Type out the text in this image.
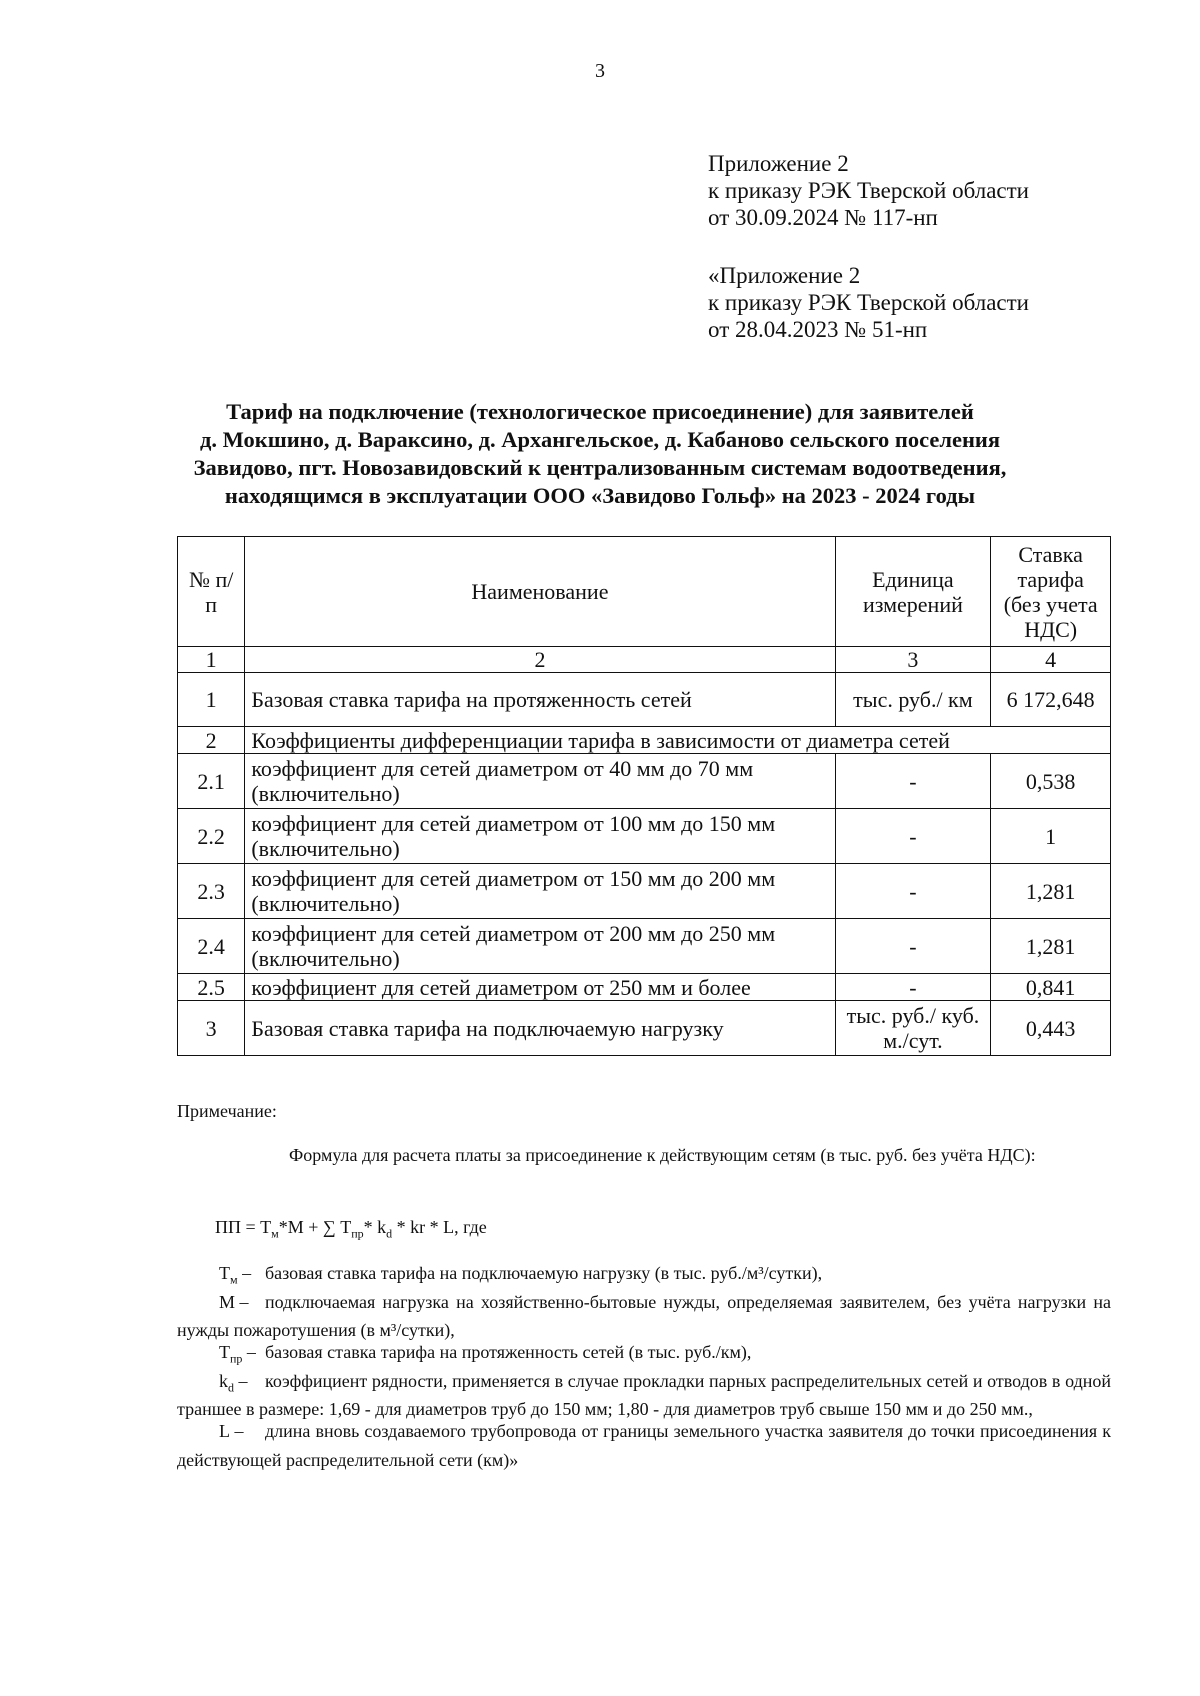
3
Приложение 2
к приказу РЭК Тверской области
от 30.09.2024 № 117-нп
«Приложение 2
к приказу РЭК Тверской области
от 28.04.2023 № 51-нп
Тариф на подключение (технологическое присоединение) для заявителей
д. Мокшино, д. Вараксино, д. Архангельское, д. Кабаново сельского поселения
Завидово, пгт. Новозавидовский к централизованным системам водоотведения,
находящимся в эксплуатации ООО «Завидово Гольф» на 2023 - 2024 годы
№ п/п	Наименование	Единица измерений	Ставка тарифа (без учета НДС)
1	2	3	4
1	Базовая ставка тарифа на протяженность сетей	тыс. руб./ км	6 172,648
2	Коэффициенты дифференциации тарифа в зависимости от диаметра сетей		
2.1	коэффициент для сетей диаметром от 40 мм до 70 мм (включительно)	-	0,538
2.2	коэффициент для сетей диаметром от 100 мм до 150 мм (включительно)	-	1
2.3	коэффициент для сетей диаметром от 150 мм до 200 мм (включительно)	-	1,281
2.4	коэффициент для сетей диаметром от 200 мм до 250 мм (включительно)	-	1,281
2.5	коэффициент для сетей диаметром от 250 мм и более	-	0,841
3	Базовая ставка тарифа на подключаемую нагрузку	тыс. руб./ куб. м./сут.	0,443
Примечание:
Формула для расчета платы за присоединение к действующим сетям (в тыс. руб. без учёта НДС):
ПП = $Т_м*М$ + ∑ $Т_{пр}*$ $k_d$ * kr * L, где
$Т_м$ – базовая ставка тарифа на подключаемую нагрузку (в тыс. руб./м³/сутки),
М – подключаемая нагрузка на хозяйственно-бытовые нужды, определяемая заявителем, без учёта нагрузки на нужды пожаротушения (в м³/сутки),
$Т_{пр}$ – базовая ставка тарифа на протяженность сетей (в тыс. руб./км),
$k_d$ – коэффициент рядности, применяется в случае прокладки парных распределительных сетей и отводов в одной траншее в размере: 1,69 - для диаметров труб до 150 мм; 1,80 - для диаметров труб свыше 150 мм и до 250 мм.,
L – длина вновь создаваемого трубопровода от границы земельного участка заявителя до точки присоединения к действующей распределительной сети (км)»
